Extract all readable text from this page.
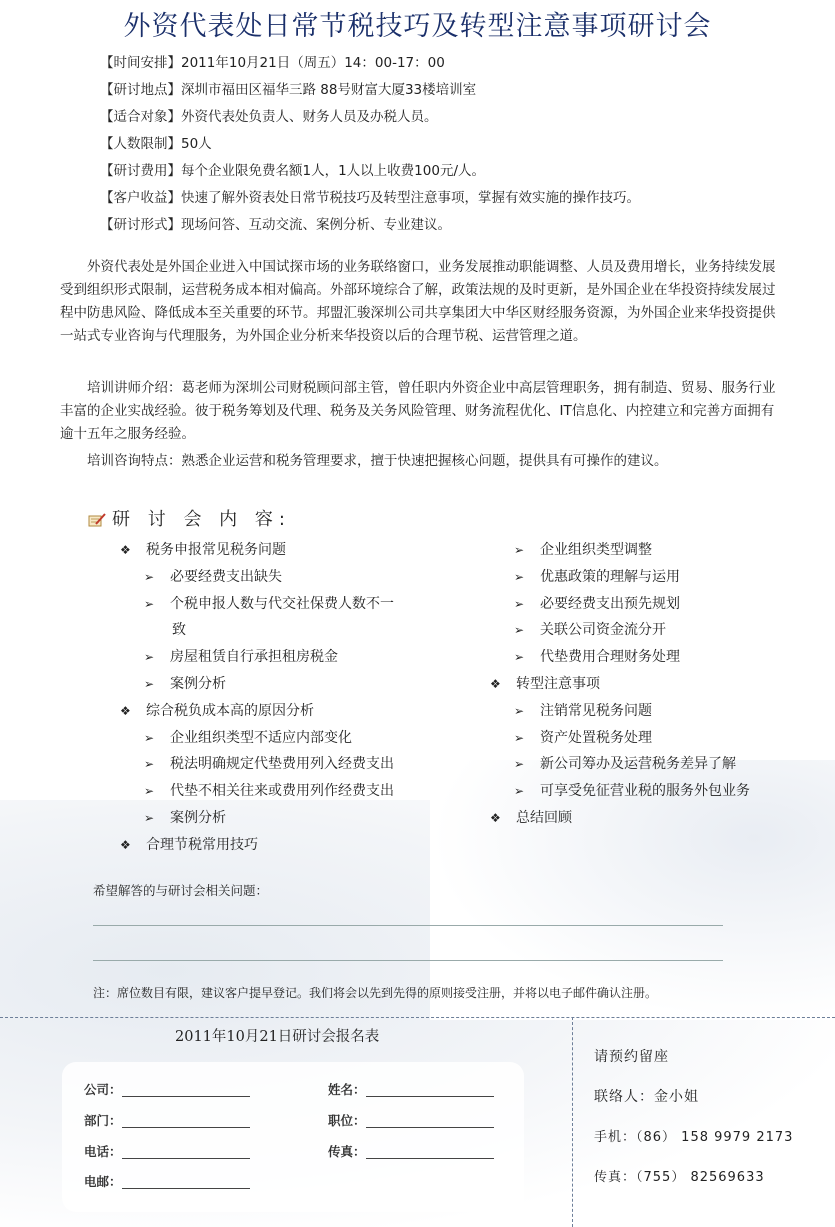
外资代表处日常节税技巧及转型注意事项研讨会
【时间安排】2011年10月21日（周五）14：00-17：00
【研讨地点】深圳市福田区福华三路 88号财富大厦33楼培训室
【适合对象】外资代表处负责人、财务人员及办税人员。
【人数限制】50人
【研讨费用】每个企业限免费名额1人，1人以上收费100元/人。
【客户收益】快速了解外资表处日常节税技巧及转型注意事项，掌握有效实施的操作技巧。
【研讨形式】现场问答、互动交流、案例分析、专业建议。

　　外资代表处是外国企业进入中国试探市场的业务联络窗口，业务发展推动职能调整、人员及费用增长，业务持续发展受到组织形式限制，运营税务成本相对偏高。外部环境综合了解，政策法规的及时更新，是外国企业在华投资持续发展过程中防患风险、降低成本至关重要的环节。邦盟汇骏深圳公司共享集团大中华区财经服务资源，为外国企业来华投资提供一站式专业咨询与代理服务，为外国企业分析来华投资以后的合理节税、运营管理之道。

　　培训讲师介绍：葛老师为深圳公司财税顾问部主管，曾任职内外资企业中高层管理职务，拥有制造、贸易、服务行业丰富的企业实战经验。彼于税务筹划及代理、税务及关务风险管理、财务流程优化、IT信息化、内控建立和完善方面拥有逾十五年之服务经验。

　　培训咨询特点：熟悉企业运营和税务管理要求，擅于快速把握核心问题，提供具有可操作的建议。

研 讨 会 内 容:
❖ 税务申报常见税务问题
➢ 必要经费支出缺失
➢ 个税申报人数与代交社保费人数不一
致
➢ 房屋租赁自行承担租房税金
➢ 案例分析
❖ 综合税负成本高的原因分析
➢ 企业组织类型不适应内部变化
➢ 税法明确规定代垫费用列入经费支出
➢ 代垫不相关往来或费用列作经费支出
➢ 案例分析
❖ 合理节税常用技巧
➢ 企业组织类型调整
➢ 优惠政策的理解与运用
➢ 必要经费支出预先规划
➢ 关联公司资金流分开
➢ 代垫费用合理财务处理
❖ 转型注意事项
➢ 注销常见税务问题
➢ 资产处置税务处理
➢ 新公司筹办及运营税务差异了解
➢ 可享受免征营业税的服务外包业务
❖ 总结回顾
希望解答的与研讨会相关问题：
注：席位数目有限，建议客户提早登记。我们将会以先到先得的原则接受注册，并将以电子邮件确认注册。
2011年10月21日研讨会报名表
公司：	姓名：
部门：	职位：
电话：	传真：
电邮：
请预约留座
联络人：金小姐
手机：（86） 158 9979 2173
传真：（755） 82569633
